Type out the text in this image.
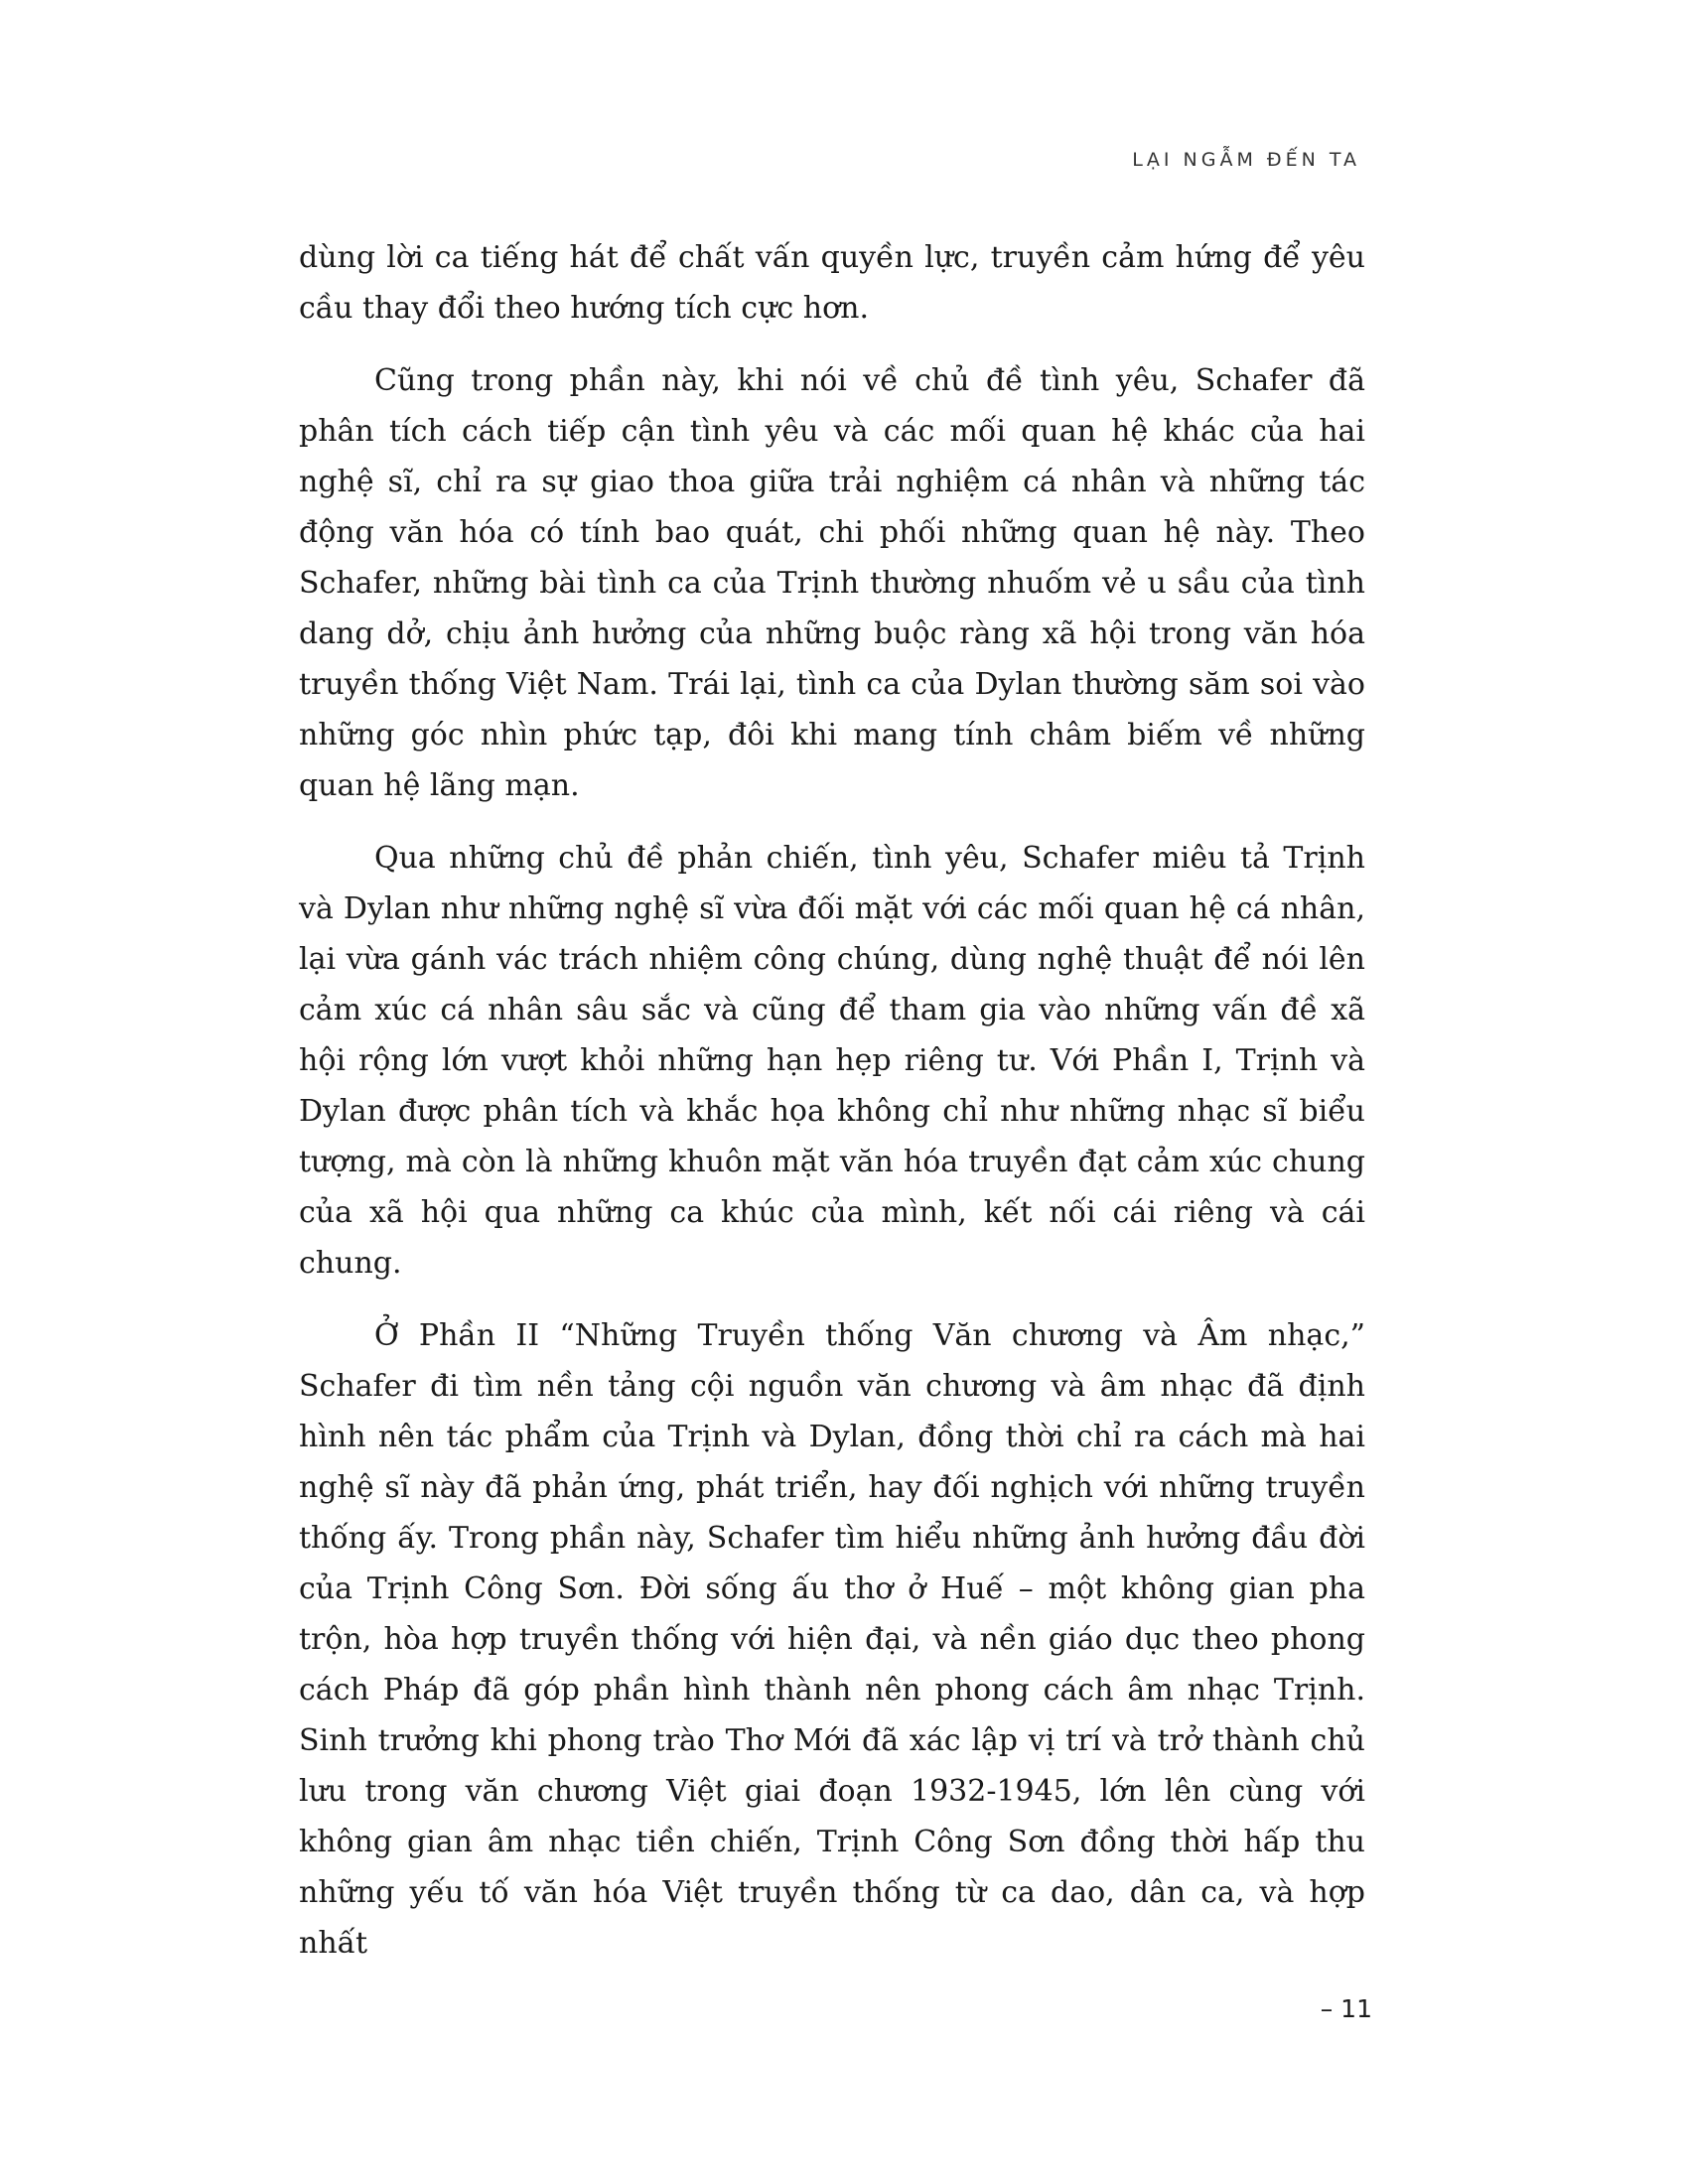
LẠI NGẪM ĐẾN TA

dùng lời ca tiếng hát để chất vấn quyền lực, truyền cảm hứng để yêu cầu thay đổi theo hướng tích cực hơn.

Cũng trong phần này, khi nói về chủ đề tình yêu, Schafer đã phân tích cách tiếp cận tình yêu và các mối quan hệ khác của hai nghệ sĩ, chỉ ra sự giao thoa giữa trải nghiệm cá nhân và những tác động văn hóa có tính bao quát, chi phối những quan hệ này. Theo Schafer, những bài tình ca của Trịnh thường nhuốm vẻ u sầu của tình dang dở, chịu ảnh hưởng của những buộc ràng xã hội trong văn hóa truyền thống Việt Nam. Trái lại, tình ca của Dylan thường săm soi vào những góc nhìn phức tạp, đôi khi mang tính châm biếm về những quan hệ lãng mạn.

Qua những chủ đề phản chiến, tình yêu, Schafer miêu tả Trịnh và Dylan như những nghệ sĩ vừa đối mặt với các mối quan hệ cá nhân, lại vừa gánh vác trách nhiệm công chúng, dùng nghệ thuật để nói lên cảm xúc cá nhân sâu sắc và cũng để tham gia vào những vấn đề xã hội rộng lớn vượt khỏi những hạn hẹp riêng tư. Với Phần I, Trịnh và Dylan được phân tích và khắc họa không chỉ như những nhạc sĩ biểu tượng, mà còn là những khuôn mặt văn hóa truyền đạt cảm xúc chung của xã hội qua những ca khúc của mình, kết nối cái riêng và cái chung.

Ở Phần II “Những Truyền thống Văn chương và Âm nhạc,” Schafer đi tìm nền tảng cội nguồn văn chương và âm nhạc đã định hình nên tác phẩm của Trịnh và Dylan, đồng thời chỉ ra cách mà hai nghệ sĩ này đã phản ứng, phát triển, hay đối nghịch với những truyền thống ấy. Trong phần này, Schafer tìm hiểu những ảnh hưởng đầu đời của Trịnh Công Sơn. Đời sống ấu thơ ở Huế – một không gian pha trộn, hòa hợp truyền thống với hiện đại, và nền giáo dục theo phong cách Pháp đã góp phần hình thành nên phong cách âm nhạc Trịnh. Sinh trưởng khi phong trào Thơ Mới đã xác lập vị trí và trở thành chủ lưu trong văn chương Việt giai đoạn 1932-1945, lớn lên cùng với không gian âm nhạc tiền chiến, Trịnh Công Sơn đồng thời hấp thu những yếu tố văn hóa Việt truyền thống từ ca dao, dân ca, và hợp nhất

– 11
